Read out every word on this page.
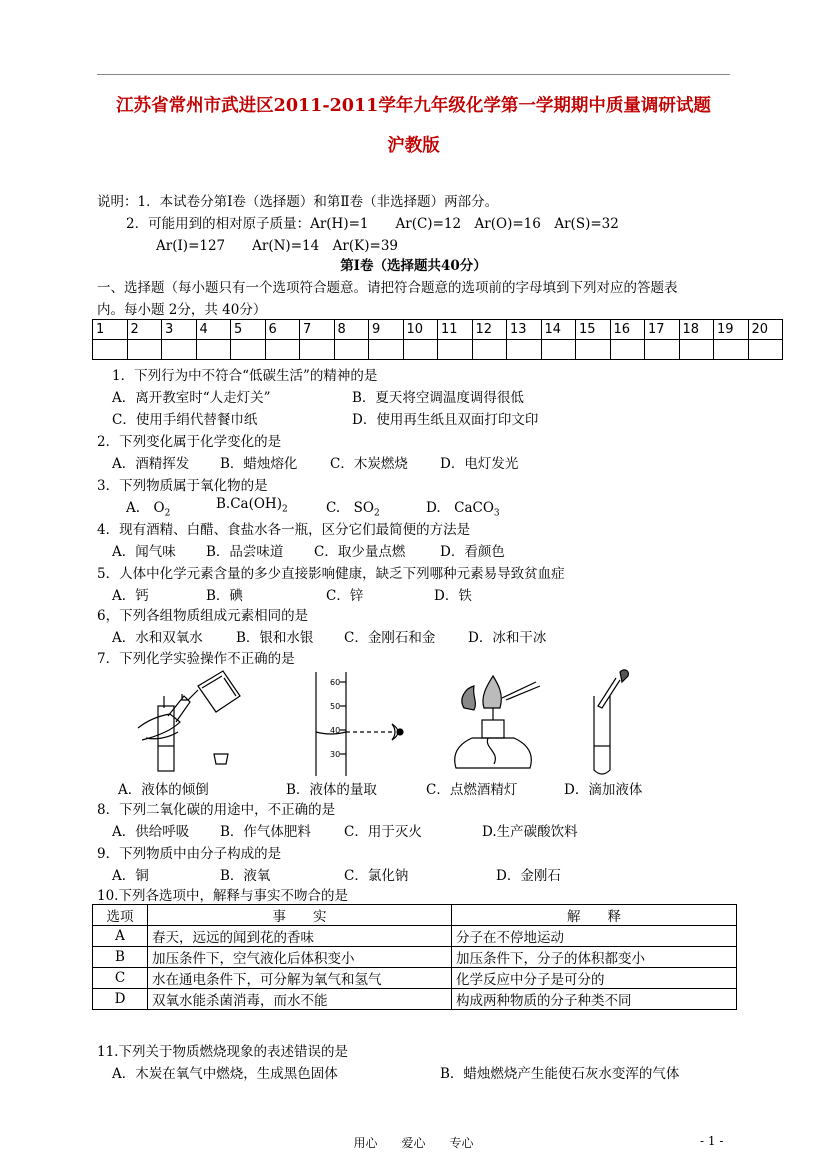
江苏省常州市武进区2011-2011学年九年级化学第一学期期中质量调研试题
沪教版
说明：1．本试卷分第Ⅰ卷（选择题）和第Ⅱ卷（非选择题）两部分。
2．可能用到的相对原子质量：Ar(H)=1　　Ar(C)=12　Ar(O)=16　Ar(S)=32
Ar(I)=127　　Ar(N)=14　Ar(K)=39
第Ⅰ卷（选择题共40分）
一、选择题（每小题只有一个选项符合题意。请把符合题意的选项前的字母填到下列对应的答题表
内。每小题 2分，共 40分）
1	2	3	4	5	6	7	8	9	10	11	12	13	14	15	16	17	18	19	20

1．下列行为中不符合“低碳生活”的精神的是
A．离开教室时“人走灯关”	B．夏天将空调温度调得很低
C．使用手绢代替餐巾纸	D．使用再生纸且双面打印文印
2．下列变化属于化学变化的是
A．酒精挥发 B．蜡烛熔化 C．木炭燃烧 D．电灯发光
3．下列物质属于氧化物的是
A.　$O_2$
$B.Ca(OH)_2$	C.　$SO_2$	D.　CaCO$_3$
4．现有酒精、白醋、食盐水各一瓶，区分它们最简便的方法是
A．闻气味 B．品尝味道 C．取少量点燃	D．看颜色
5．人体中化学元素含量的多少直接影响健康，缺乏下列哪种元素易导致贫血症
A．钙	B．碘	C．锌	D．铁
6，下列各组物质组成元素相同的是
A．水和双氧水 B．银和水银 C．金刚石和金 D．冰和干冰
7．下列化学实验操作不正确的是
60
50
40
30
A．液体的倾倒	B．液体的量取	C．点燃酒精灯	D．滴加液体
8．下列二氧化碳的用途中，不正确的是
A．供给呼吸 B．作气体肥料 C．用于灭火	D.生产碳酸饮料
9．下列物质中由分子构成的是
A．铜	B．液氧	C．氯化钠	D．金刚石
10.下列各选项中，解释与事实不吻合的是
选项	事　　实	解　　释
A	春天，远远的闻到花的香味	分子在不停地运动
B	加压条件下，空气液化后体积变小	加压条件下，分子的体积都变小
C	水在通电条件下，可分解为氧气和氢气	化学反应中分子是可分的
D	双氧水能杀菌消毒，而水不能	构成两种物质的分子种类不同
11.下列关于物质燃烧现象的表述错误的是
A．木炭在氧气中燃烧，生成黑色固体	B．蜡烛燃烧产生能使石灰水变浑的气体
用心　　爱心　　专心	- 1 -
